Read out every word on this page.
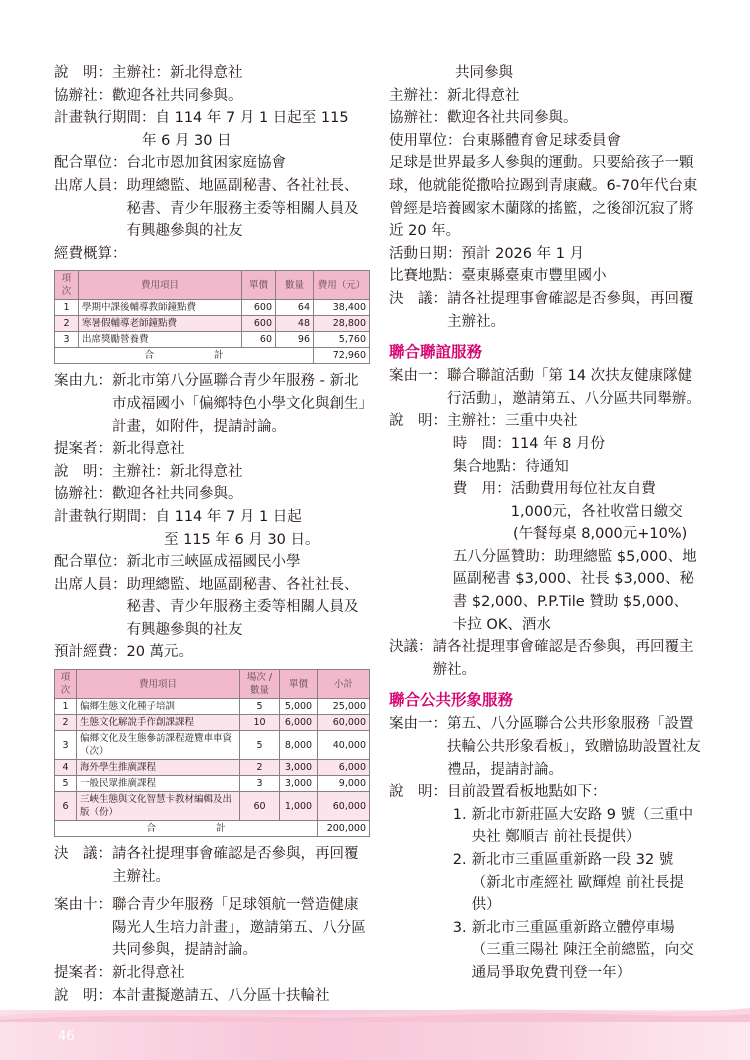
說　明： 主辦社：新北得意社
協辦社： 歡迎各社共同參與。
計畫執行期間： 自 114 年 7 月 1 日起至 115
年 6 月 30 日
配合單位： 台北市恩加貧困家庭協會
出席人員： 助理總監、地區副秘書、各社社長、秘書、青少年服務主委等相關人員及有興趣參與的社友
經費概算：
項次	費用項目	單價	數量	費用（元）
1	學期中課後輔導教師鐘點費	600	64	38,400
2	寒暑假輔導老師鐘點費	600	48	28,800
3	出席獎勵營養費	60	96	5,760
合 計				72,960
案由九： 新北市第八分區聯合青少年服務 - 新北市成福國小「偏鄉特色小學文化與創生」計畫，如附件，提請討論。
提案者： 新北得意社
說　明： 主辦社：新北得意社
協辦社： 歡迎各社共同參與。
計畫執行期間： 自 114 年 7 月 1 日起
至 115 年 6 月 30 日。
配合單位： 新北市三峽區成福國民小學
出席人員： 助理總監、地區副秘書、各社社長、秘書、青少年服務主委等相關人員及有興趣參與的社友
預計經費： 20 萬元。
項次	費用項目	場次 / 數量	單價	小計
1	偏鄉生態文化種子培訓	5	5,000	25,000
2	生態文化解說手作創課課程	10	6,000	60,000
3	偏鄉文化及生態參訪課程遊覽車車資（次）	5	8,000	40,000
4	海外學生推廣課程	2	3,000	6,000
5	一般民眾推廣課程	3	3,000	9,000
6	三峽生態與文化智慧卡教材編輯及出版（份）	60	1,000	60,000
合 計				200,000
決　議： 請各社提理事會確認是否參與，再回覆主辦社。
案由十： 聯合青少年服務「足球領航一營造健康陽光人生培力計畫」，邀請第五、八分區共同參與，提請討論。
提案者： 新北得意社
說　明： 本計畫擬邀請五、八分區十扶輪社
共同參與
主辦社： 新北得意社
協辦社： 歡迎各社共同參與。
使用單位： 台東縣體育會足球委員會
足球是世界最多人參與的運動。只要給孩子一顆球，他就能從撒哈拉踢到青康藏。6-70年代台東曾經是培養國家木蘭隊的搖籃，之後卻沉寂了將近 20 年。
活動日期： 預計 2026 年 1 月
比賽地點： 臺東縣臺東市豐里國小
決　議： 請各社提理事會確認是否參與，再回覆主辦社。
聯合聯誼服務
案由一： 聯合聯誼活動「第 14 次扶友健康隊健行活動」，邀請第五、八分區共同舉辦。
說　明： 主辦社：三重中央社
時　間： 114 年 8 月份
集合地點： 待通知
費　用： 活動費用每位社友自費 1,000元，各社收當日繳交
(午餐每桌 8,000元+10%)
五八分區贊助：助理總監 $5,000、地區副秘書 $3,000、社長 $3,000、秘書 $2,000、P.P.Tile 贊助 $5,000、卡拉 OK、酒水
決議： 請各社提理事會確認是否參與，再回覆主辦社。
聯合公共形象服務
案由一： 第五、八分區聯合公共形象服務「設置扶輪公共形象看板」，致贈協助設置社友禮品，提請討論。
說　明： 目前設置看板地點如下：
1. 新北市新莊區大安路 9 號（三重中央社 鄭順吉 前社長提供）
2. 新北市三重區重新路一段 32 號（新北市產經社 歐輝煌 前社長提供）
3. 新北市三重區重新路立體停車場（三重三陽社 陳汪全前總監，向交通局爭取免費刊登一年）
46
